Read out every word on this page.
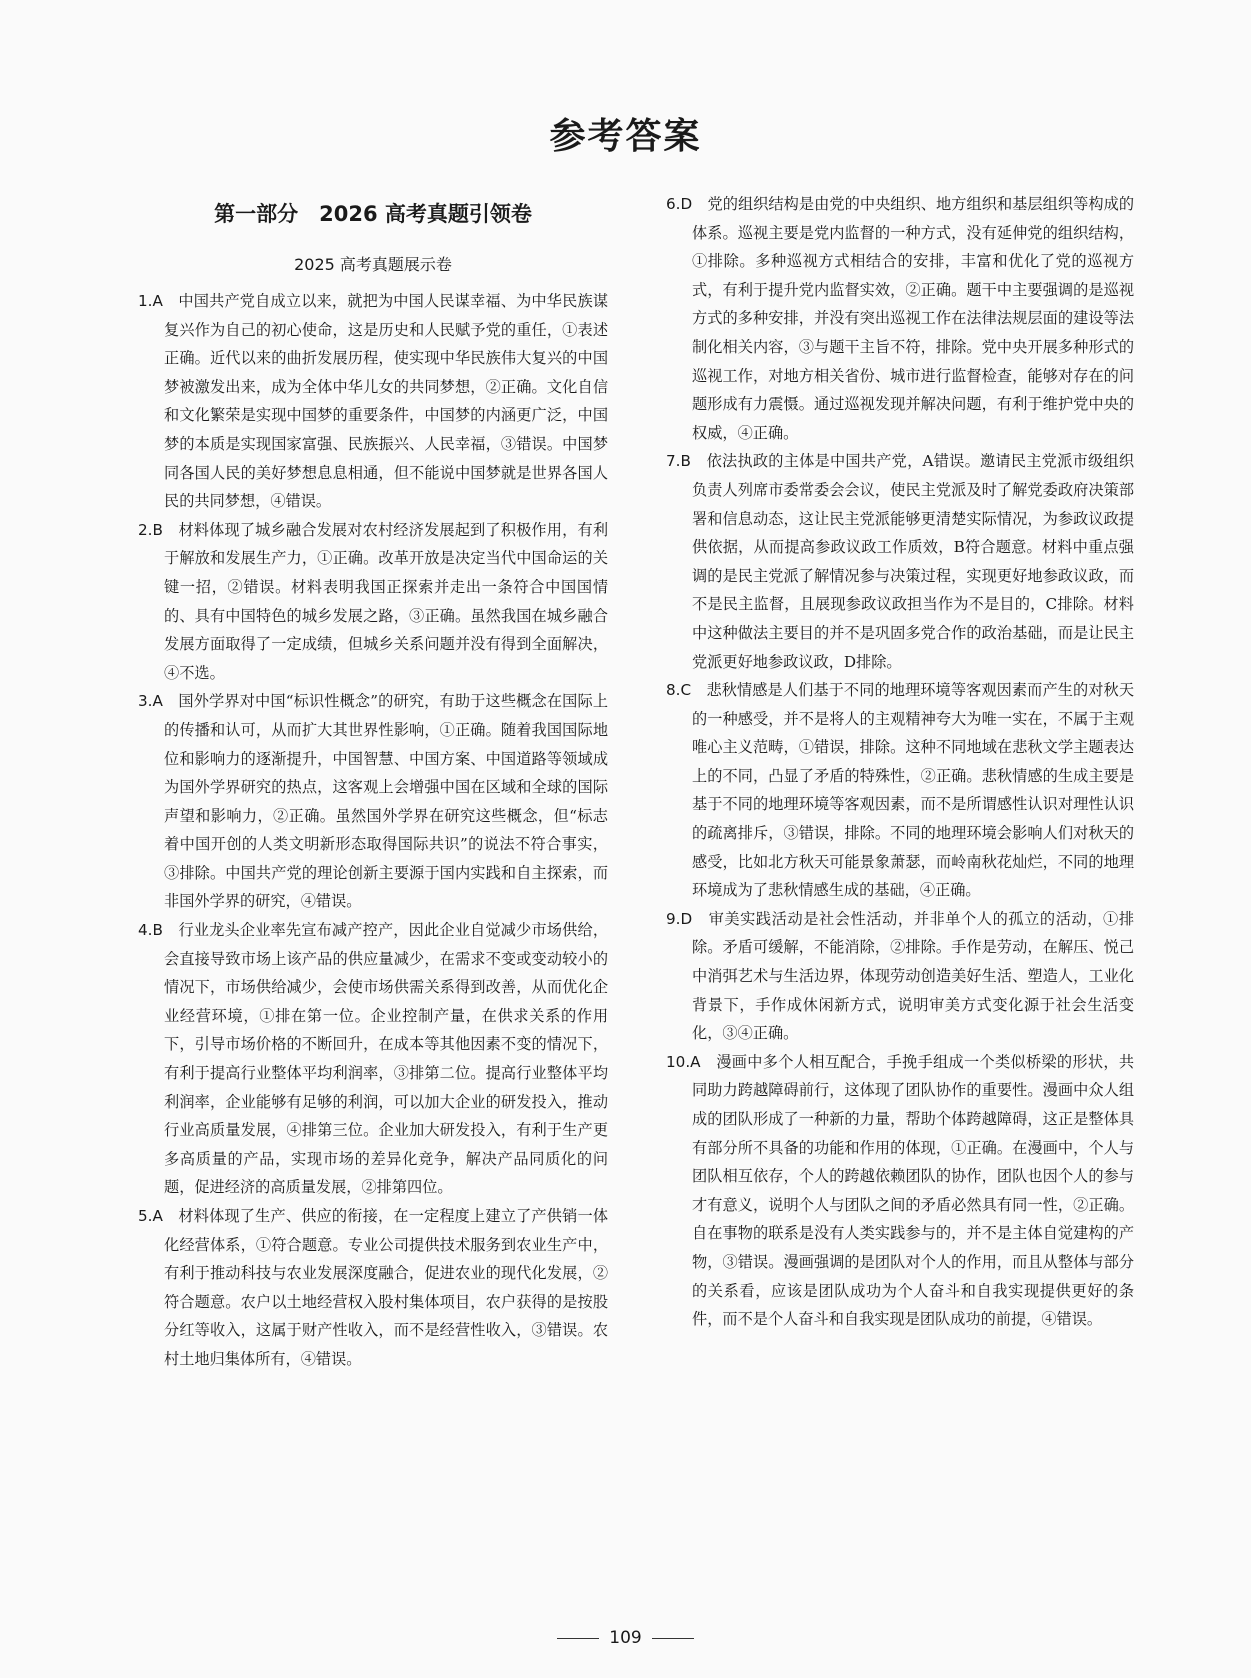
参考答案
第一部分　2026 高考真题引领卷
2025 高考真题展示卷

1.A　 中国共产党自成立以来，就把为中国人民谋幸福、为中华民族谋复兴作为自己的初心使命，这是历史和人民赋予党的重任，①表述正确。近代以来的曲折发展历程，使实现中华民族伟大复兴的中国梦被激发出来，成为全体中华儿女的共同梦想，②正确。文化自信和文化繁荣是实现中国梦的重要条件，中国梦的内涵更广泛，中国梦的本质是实现国家富强、民族振兴、人民幸福，③错误。中国梦同各国人民的美好梦想息息相通，但不能说中国梦就是世界各国人民的共同梦想，④错误。

2.B　 材料体现了城乡融合发展对农村经济发展起到了积极作用，有利于解放和发展生产力，①正确。改革开放是决定当代中国命运的关键一招，②错误。材料表明我国正探索并走出一条符合中国国情的、具有中国特色的城乡发展之路，③正确。虽然我国在城乡融合发展方面取得了一定成绩，但城乡关系问题并没有得到全面解决，④不选。

3.A　 国外学界对中国“标识性概念”的研究，有助于这些概念在国际上的传播和认可，从而扩大其世界性影响，①正确。随着我国国际地位和影响力的逐渐提升，中国智慧、中国方案、中国道路等领域成为国外学界研究的热点，这客观上会增强中国在区域和全球的国际声望和影响力，②正确。虽然国外学界在研究这些概念，但“标志着中国开创的人类文明新形态取得国际共识”的说法不符合事实，③排除。中国共产党的理论创新主要源于国内实践和自主探索，而非国外学界的研究，④错误。

4.B　 行业龙头企业率先宣布减产控产，因此企业自觉减少市场供给，会直接导致市场上该产品的供应量减少，在需求不变或变动较小的情况下，市场供给减少，会使市场供需关系得到改善，从而优化企业经营环境，①排在第一位。企业控制产量，在供求关系的作用下，引导市场价格的不断回升，在成本等其他因素不变的情况下，有利于提高行业整体平均利润率，③排第二位。提高行业整体平均利润率，企业能够有足够的利润，可以加大企业的研发投入，推动行业高质量发展，④排第三位。企业加大研发投入，有利于生产更多高质量的产品，实现市场的差异化竞争，解决产品同质化的问题，促进经济的高质量发展，②排第四位。

5.A　 材料体现了生产、供应的衔接，在一定程度上建立了产供销一体化经营体系，①符合题意。专业公司提供技术服务到农业生产中，有利于推动科技与农业发展深度融合，促进农业的现代化发展，②符合题意。农户以土地经营权入股村集体项目，农户获得的是按股分红等收入，这属于财产性收入，而不是经营性收入，③错误。农村土地归集体所有，④错误。

6.D　 党的组织结构是由党的中央组织、地方组织和基层组织等构成的体系。巡视主要是党内监督的一种方式，没有延伸党的组织结构，①排除。多种巡视方式相结合的安排，丰富和优化了党的巡视方式，有利于提升党内监督实效，②正确。题干中主要强调的是巡视方式的多种安排，并没有突出巡视工作在法律法规层面的建设等法制化相关内容，③与题干主旨不符，排除。党中央开展多种形式的巡视工作，对地方相关省份、城市进行监督检查，能够对存在的问题形成有力震慑。通过巡视发现并解决问题，有利于维护党中央的权威，④正确。

7.B　 依法执政的主体是中国共产党，A错误。邀请民主党派市级组织负责人列席市委常委会会议，使民主党派及时了解党委政府决策部署和信息动态，这让民主党派能够更清楚实际情况，为参政议政提供依据，从而提高参政议政工作质效，B符合题意。材料中重点强调的是民主党派了解情况参与决策过程，实现更好地参政议政，而不是民主监督，且展现参政议政担当作为不是目的，C排除。材料中这种做法主要目的并不是巩固多党合作的政治基础，而是让民主党派更好地参政议政，D排除。

8.C　 悲秋情感是人们基于不同的地理环境等客观因素而产生的对秋天的一种感受，并不是将人的主观精神夸大为唯一实在，不属于主观唯心主义范畴，①错误，排除。这种不同地域在悲秋文学主题表达上的不同，凸显了矛盾的特殊性，②正确。悲秋情感的生成主要是基于不同的地理环境等客观因素，而不是所谓感性认识对理性认识的疏离排斥，③错误，排除。不同的地理环境会影响人们对秋天的感受，比如北方秋天可能景象萧瑟，而岭南秋花灿烂，不同的地理环境成为了悲秋情感生成的基础，④正确。

9.D　 审美实践活动是社会性活动，并非单个人的孤立的活动，①排除。矛盾可缓解，不能消除，②排除。手作是劳动，在解压、悦己中消弭艺术与生活边界，体现劳动创造美好生活、塑造人，工业化背景下，手作成休闲新方式，说明审美方式变化源于社会生活变化，③④正确。

10.A　 漫画中多个人相互配合，手挽手组成一个类似桥梁的形状，共同助力跨越障碍前行，这体现了团队协作的重要性。漫画中众人组成的团队形成了一种新的力量，帮助个体跨越障碍，这正是整体具有部分所不具备的功能和作用的体现，①正确。在漫画中，个人与团队相互依存，个人的跨越依赖团队的协作，团队也因个人的参与才有意义，说明个人与团队之间的矛盾必然具有同一性，②正确。自在事物的联系是没有人类实践参与的，并不是主体自觉建构的产物，③错误。漫画强调的是团队对个人的作用，而且从整体与部分的关系看，应该是团队成功为个人奋斗和自我实现提供更好的条件，而不是个人奋斗和自我实现是团队成功的前提，④错误。

109
